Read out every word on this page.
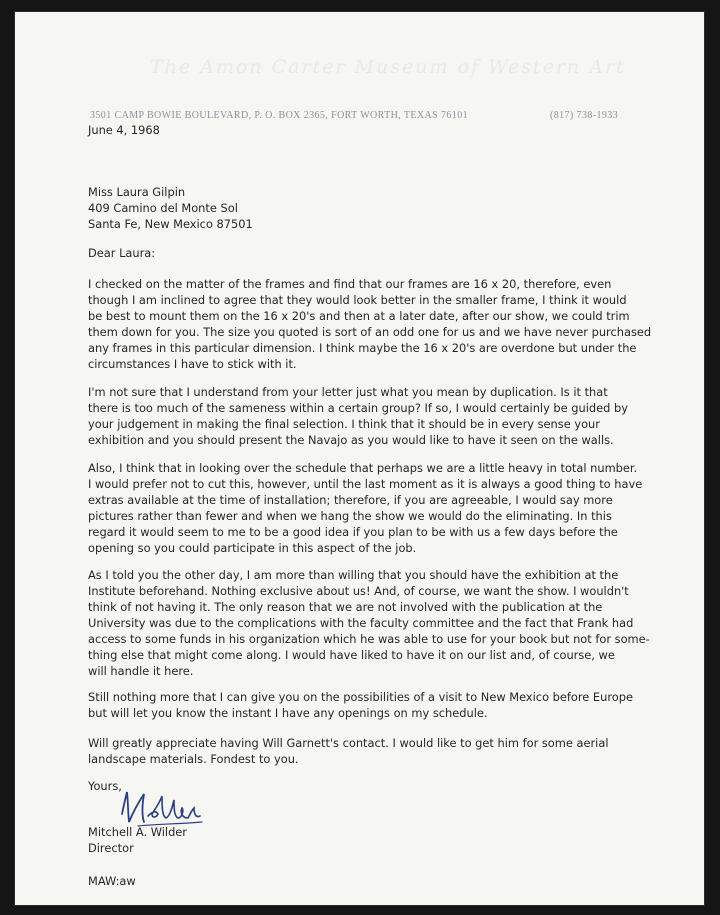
The Amon Carter Museum of Western Art
3501 CAMP BOWIE BOULEVARD, P. O. BOX 2365, FORT WORTH, TEXAS 76101	(817) 738-1933
June 4, 1968
Miss Laura Gilpin
409 Camino del Monte Sol
Santa Fe, New Mexico 87501
Dear Laura:
I checked on the matter of the frames and find that our frames are 16 x 20, therefore, even
though I am inclined to agree that they would look better in the smaller frame, I think it would
be best to mount them on the 16 x 20's and then at a later date, after our show, we could trim
them down for you. The size you quoted is sort of an odd one for us and we have never purchased
any frames in this particular dimension. I think maybe the 16 x 20's are overdone but under the
circumstances I have to stick with it.
I'm not sure that I understand from your letter just what you mean by duplication. Is it that
there is too much of the sameness within a certain group? If so, I would certainly be guided by
your judgement in making the final selection. I think that it should be in every sense your
exhibition and you should present the Navajo as you would like to have it seen on the walls.
Also, I think that in looking over the schedule that perhaps we are a little heavy in total number.
I would prefer not to cut this, however, until the last moment as it is always a good thing to have
extras available at the time of installation; therefore, if you are agreeable, I would say more
pictures rather than fewer and when we hang the show we would do the eliminating. In this
regard it would seem to me to be a good idea if you plan to be with us a few days before the
opening so you could participate in this aspect of the job.
As I told you the other day, I am more than willing that you should have the exhibition at the
Institute beforehand. Nothing exclusive about us! And, of course, we want the show. I wouldn't
think of not having it. The only reason that we are not involved with the publication at the
University was due to the complications with the faculty committee and the fact that Frank had
access to some funds in his organization which he was able to use for your book but not for some-
thing else that might come along. I would have liked to have it on our list and, of course, we
will handle it here.
Still nothing more that I can give you on the possibilities of a visit to New Mexico before Europe
but will let you know the instant I have any openings on my schedule.
Will greatly appreciate having Will Garnett's contact. I would like to get him for some aerial
landscape materials. Fondest to you.
Yours,
Mitchell A. Wilder
Director
MAW:aw
